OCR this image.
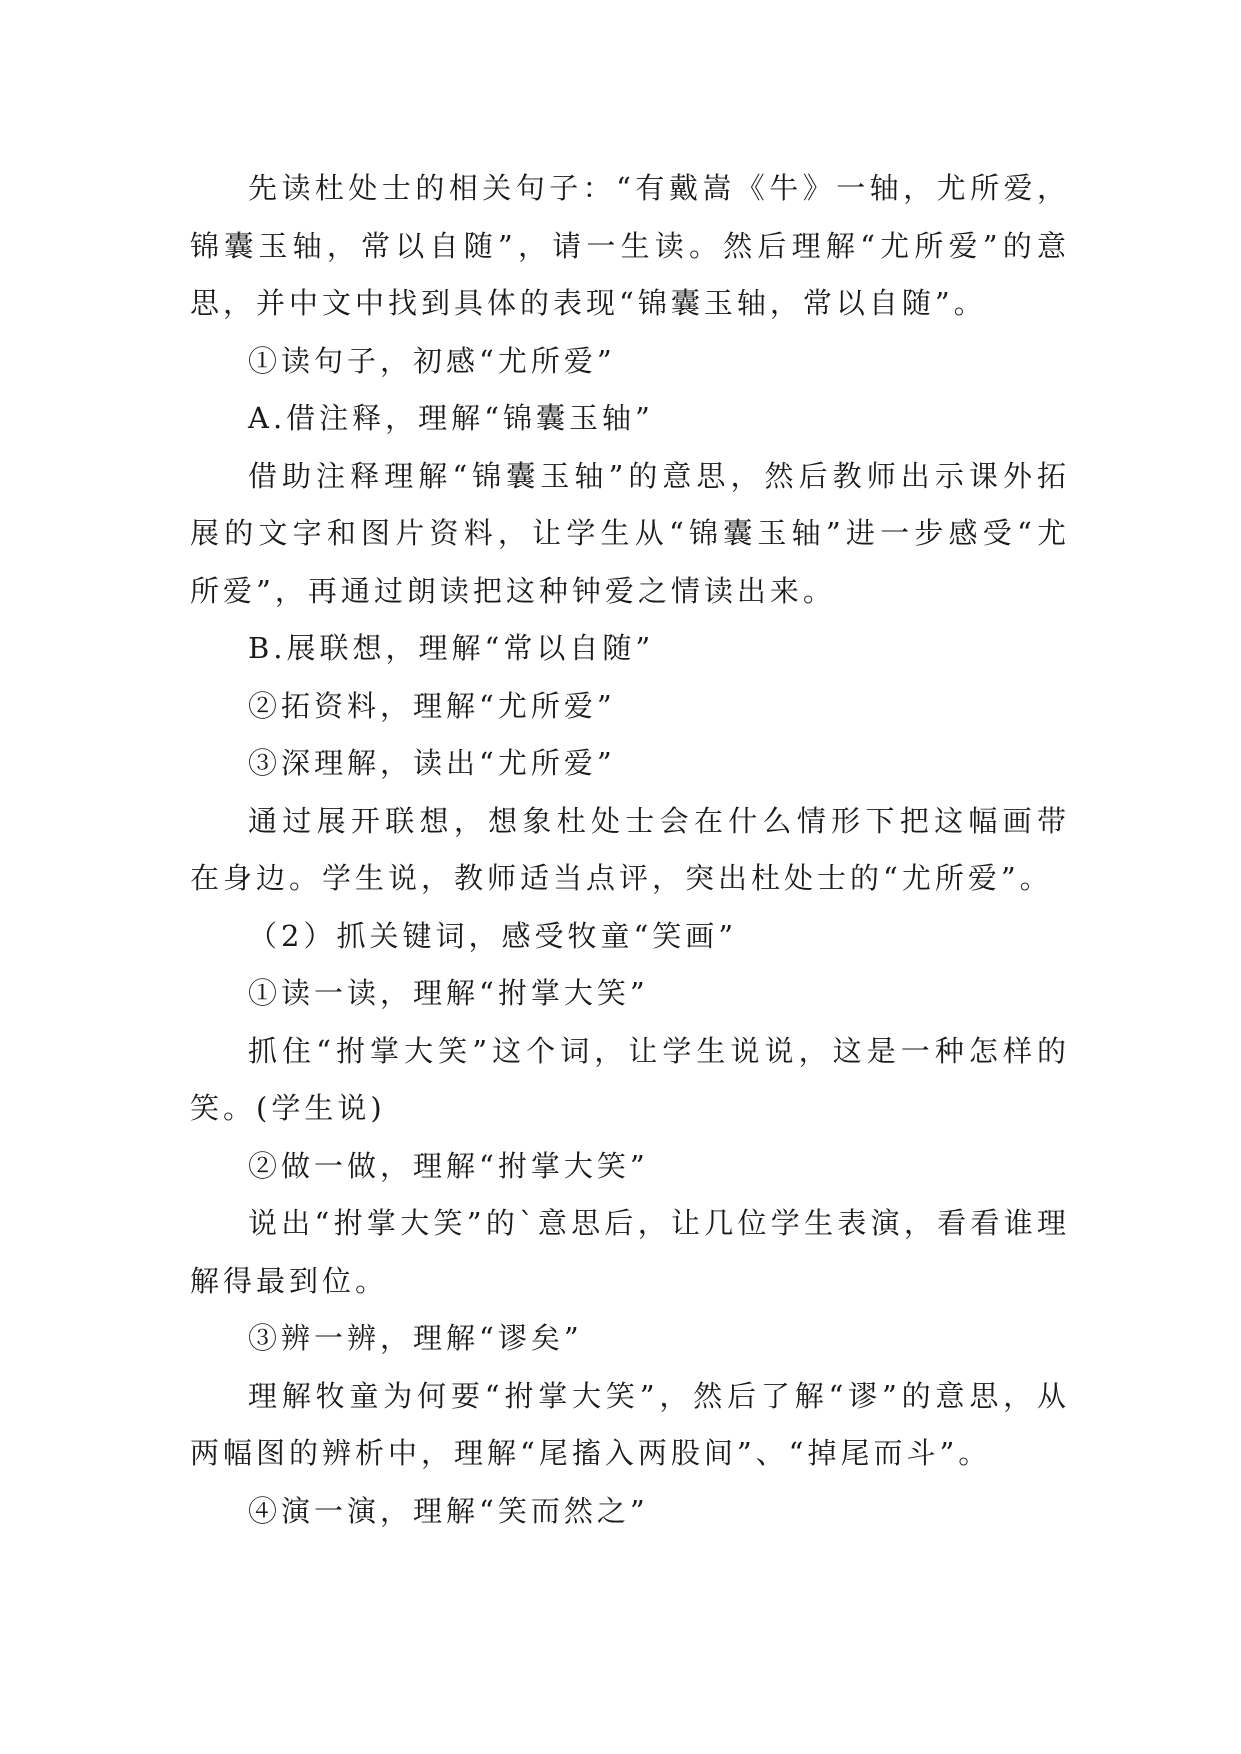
先读杜处士的相关句子：“有戴嵩《牛》一轴，尤所爱，锦囊玉轴，常以自随”，请一生读。然后理解“尤所爱”的意思，并中文中找到具体的表现“锦囊玉轴，常以自随”。

①读句子，初感“尤所爱”

A.借注释，理解“锦囊玉轴”

借助注释理解“锦囊玉轴”的意思，然后教师出示课外拓展的文字和图片资料，让学生从“锦囊玉轴”进一步感受“尤所爱”，再通过朗读把这种钟爱之情读出来。

B.展联想，理解“常以自随”

②拓资料，理解“尤所爱”

③深理解，读出“尤所爱”

通过展开联想，想象杜处士会在什么情形下把这幅画带在身边。学生说，教师适当点评，突出杜处士的“尤所爱”。

（2）抓关键词，感受牧童“笑画”

①读一读，理解“拊掌大笑”

抓住“拊掌大笑”这个词，让学生说说，这是一种怎样的笑。(学生说)

②做一做，理解“拊掌大笑”

说出“拊掌大笑”的`意思后，让几位学生表演，看看谁理解得最到位。

③辨一辨，理解“谬矣”

理解牧童为何要“拊掌大笑”，然后了解“谬”的意思，从两幅图的辨析中，理解“尾搐入两股间”、“掉尾而斗”。

④演一演，理解“笑而然之”
